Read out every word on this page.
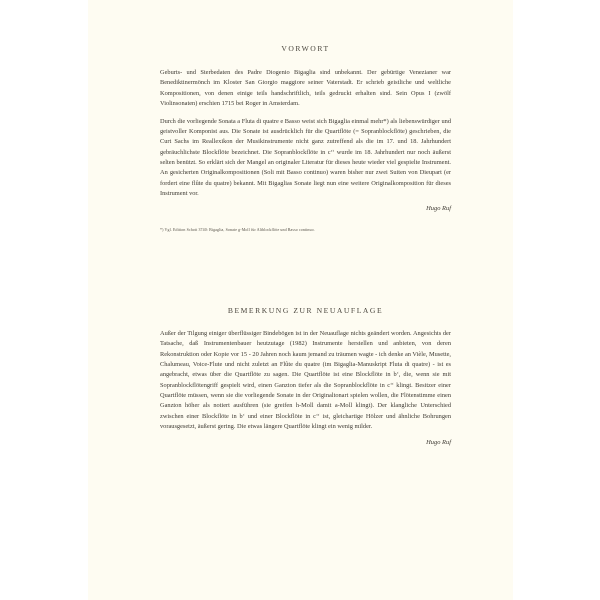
VORWORT

Geburts- und Sterbedaten des Padre Diogenio Bigaglia sind unbekannt. Der gebürtige Venezianer war Benediktinermönch im Kloster San Giorgio maggiore seiner Vaterstadt. Er schrieb geistliche und weltliche Kompositionen, von denen einige teils handschriftlich, teils gedruckt erhalten sind. Sein Opus I (zwölf Violinsonaten) erschien 1715 bei Roger in Amsterdam.

Durch die vorliegende Sonata a Fluta di quatre e Basso weist sich Bigaglia einmal mehr*) als liebenswürdiger und geistvoller Komponist aus. Die Sonate ist ausdrücklich für die Quartflöte (= Sopranblockflöte) geschrieben, die Curt Sachs im Reallexikon der Musikinstrumente nicht ganz zutreffend als die im 17. und 18. Jahrhundert gebräuchlichste Blockflöte bezeichnet. Die Sopranblockflöte in c‘‘ wurde im 18. Jahrhundert nur noch äußerst selten benützt. So erklärt sich der Mangel an originaler Literatur für dieses heute wieder viel gespielte Instrument. An gesicherten Originalkompositionen (Soli mit Basso continuo) waren bisher nur zwei Suiten von Dieupart (er fordert eine flûte du quatre) bekannt. Mit Bigaglias Sonate liegt nun eine weitere Originalkomposition für dieses Instrument vor.

Hugo Ruf
*) Vgl. Edition Schott 3740: Bigaglia, Sonate g-Moll für Altblockflöte und Basso continuo.
BEMERKUNG ZUR NEUAUFLAGE

Außer der Tilgung einiger überflüssiger Bindebögen ist in der Neuauflage nichts geändert worden. Angesichts der Tatsache, daß Instrumentenbauer heutzutage (1982) Instrumente herstellen und anbieten, von deren Rekonstruktion oder Kopie vor 15 - 20 Jahren noch kaum jemand zu träumen wagte - ich denke an Vièle, Musette, Chalumeau, Voice-Flute und nicht zuletzt an Flûte du quatre (im Bigaglia-Manuskript Fluta di quatre) - ist es angebracht, etwas über die Quartflöte zu sagen. Die Quartflöte ist eine Blockflöte in b‘, die, wenn sie mit Sopranblockflötengriff gespielt wird, einen Ganzton tiefer als die Sopranblockflöte in c‘‘ klingt. Besitzer einer Quartflöte müssen, wenn sie die vorliegende Sonate in der Originaltonart spielen wollen, die Flötenstimme einen Ganzton höher als notiert ausführen (sie greifen h-Moll damit a-Moll klingt). Der klangliche Unterschied zwischen einer Blockflöte in b‘ und einer Blockflöte in c‘‘ ist, gleichartige Hölzer und ähnliche Bohrungen vorausgesetzt, äußerst gering. Die etwas längere Quartflöte klingt ein wenig milder.

Hugo Ruf
